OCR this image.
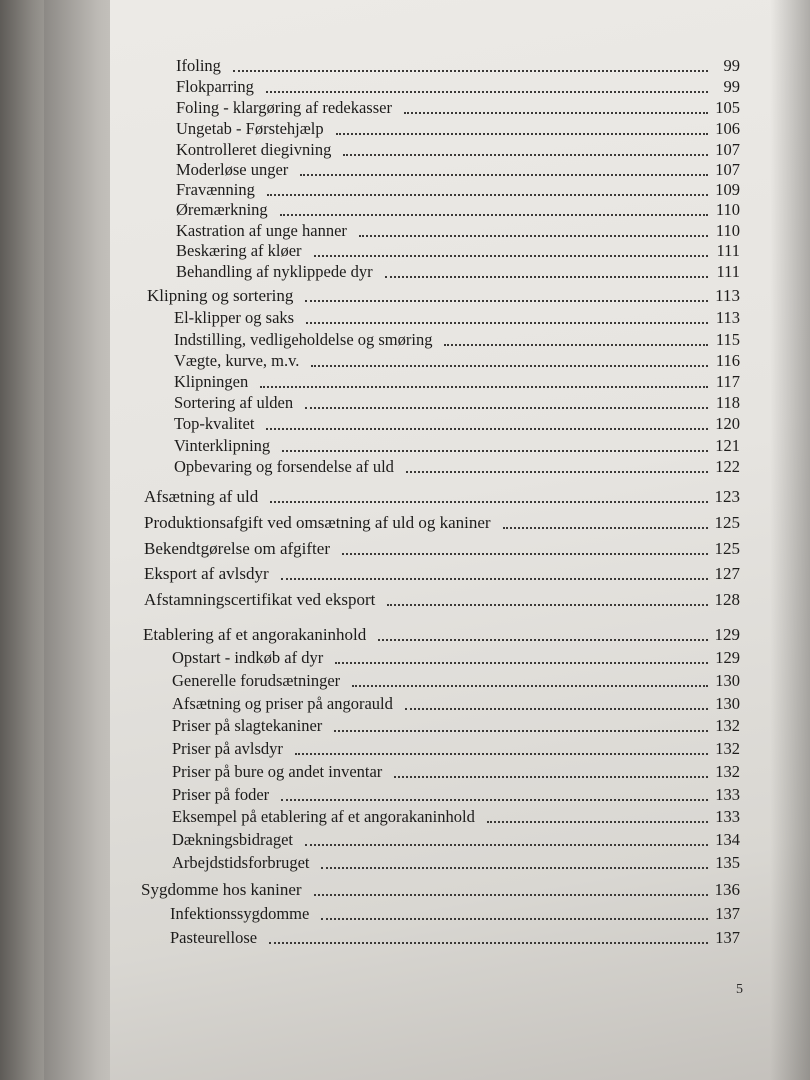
Ifoling	99
Flokparring	99
Foling - klargøring af redekasser	105
Ungetab - Førstehjælp	106
Kontrolleret diegivning	107
Moderløse unger	107
Fravænning	109
Øremærkning	110
Kastration af unge hanner	110
Beskæring af kløer	111
Behandling af nyklippede dyr	111
Klipning og sortering	113
El-klipper og saks	113
Indstilling, vedligeholdelse og smøring	115
Vægte, kurve, m.v.	116
Klipningen	117
Sortering af ulden	118
Top-kvalitet	120
Vinterklipning	121
Opbevaring og forsendelse af uld	122
Afsætning af uld	123
Produktionsafgift ved omsætning af uld og kaniner	125
Bekendtgørelse om afgifter	125
Eksport af avlsdyr	127
Afstamningscertifikat ved eksport	128
Etablering af et angorakaninhold	129
Opstart - indkøb af dyr	129
Generelle forudsætninger	130
Afsætning og priser på angorauld	130
Priser på slagtekaniner	132
Priser på avlsdyr	132
Priser på bure og andet inventar	132
Priser på foder	133
Eksempel på etablering af et angorakaninhold	133
Dækningsbidraget	134
Arbejdstidsforbruget	135
Sygdomme hos kaniner	136
Infektionssygdomme	137
Pasteurellose	137
5
